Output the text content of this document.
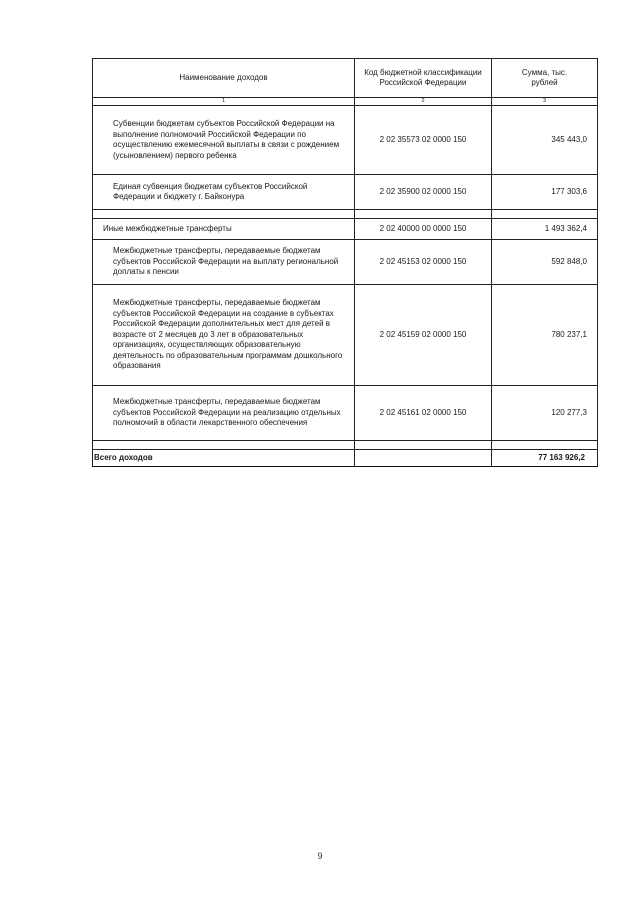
Наименование доходов	Код бюджетной классификации Российской Федерации	Сумма, тыс. рублей
1	2	3
Субвенции бюджетам субъектов Российской Федерации на выполнение полномочий Российской Федерации по осуществлению ежемесячной выплаты в связи с рождением (усыновлением) первого ребенка	2 02 35573 02 0000 150	345 443,0
Единая субвенция бюджетам субъектов Российской Федерации и бюджету г. Байконура	2 02 35900 02 0000 150	177 303,6

Иные межбюджетные трансферты	2 02 40000 00 0000 150	1 493 362,4
Межбюджетные трансферты, передаваемые бюджетам субъектов Российской Федерации на выплату региональной доплаты к пенсии	2 02 45153 02 0000 150	592 848,0
Межбюджетные трансферты, передаваемые бюджетам субъектов Российской Федерации на создание в субъектах Российской Федерации дополнительных мест для детей в возрасте от 2 месяцев до 3 лет в образовательных организациях, осуществляющих образовательную деятельность по образовательным программам дошкольного образования	2 02 45159 02 0000 150	780 237,1
Межбюджетные трансферты, передаваемые бюджетам субъектов Российской Федерации на реализацию отдельных полномочий в области лекарственного обеспечения	2 02 45161 02 0000 150	120 277,3

Всего доходов		77 163 926,2
9
